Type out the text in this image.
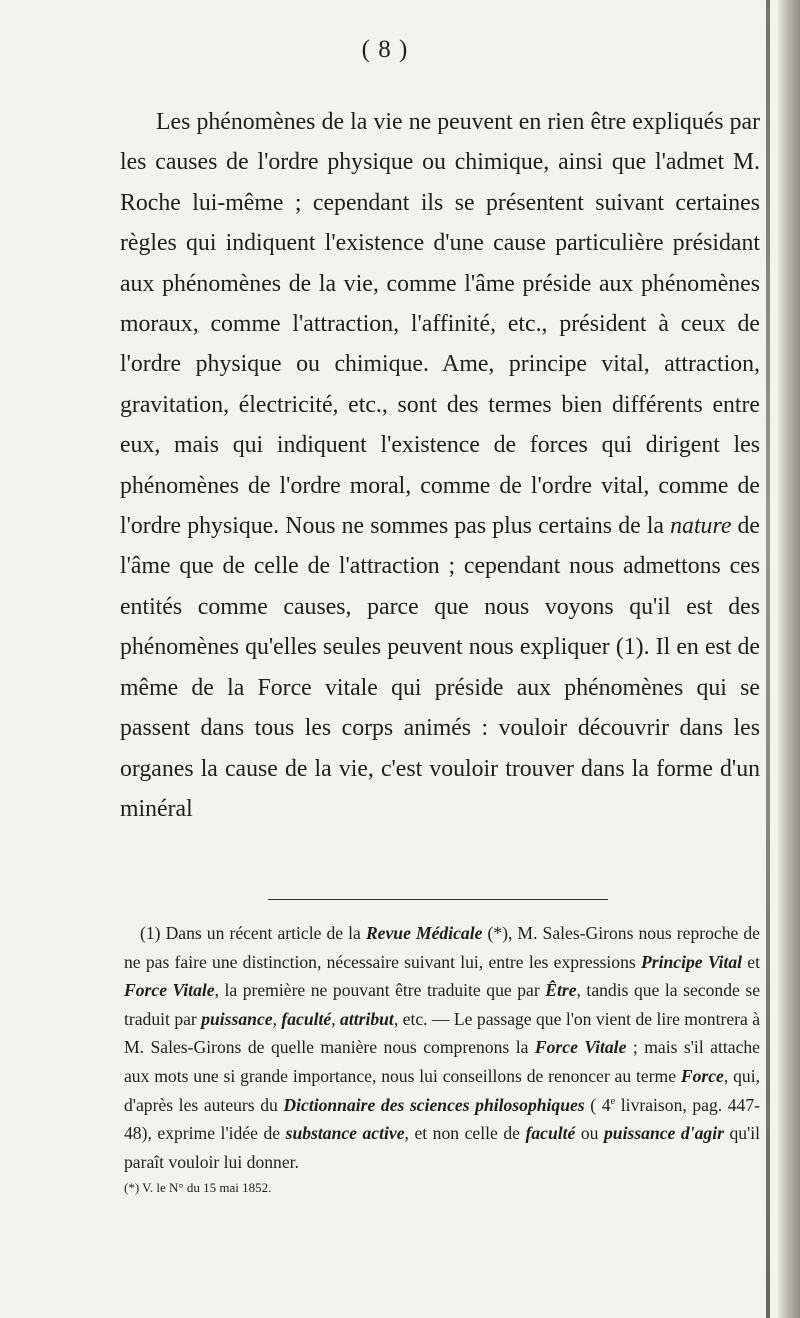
( 8 )

Les phénomènes de la vie ne peuvent en rien être expliqués par les causes de l'ordre physique ou chimique, ainsi que l'admet M. Roche lui-même ; cependant ils se présentent suivant certaines règles qui indiquent l'existence d'une cause particulière présidant aux phénomènes de la vie, comme l'âme préside aux phénomènes moraux, comme l'attraction, l'affinité, etc., président à ceux de l'ordre physique ou chimique. Ame, principe vital, attraction, gravitation, électricité, etc., sont des termes bien différents entre eux, mais qui indiquent l'existence de forces qui dirigent les phénomènes de l'ordre moral, comme de l'ordre vital, comme de l'ordre physique. Nous ne sommes pas plus certains de la nature de l'âme que de celle de l'attraction ; cependant nous admettons ces entités comme causes, parce que nous voyons qu'il est des phénomènes qu'elles seules peuvent nous expliquer (1). Il en est de même de la Force vitale qui préside aux phénomènes qui se passent dans tous les corps animés : vouloir découvrir dans les organes la cause de la vie, c'est vouloir trouver dans la forme d'un minéral

(1) Dans un récent article de la Revue Médicale (*), M. Sales-Girons nous reproche de ne pas faire une distinction, nécessaire suivant lui, entre les expressions Principe Vital et Force Vitale, la première ne pouvant être traduite que par Être, tandis que la seconde se traduit par puissance, faculté, attribut, etc. — Le passage que l'on vient de lire montrera à M. Sales-Girons de quelle manière nous comprenons la Force Vitale ; mais s'il attache aux mots une si grande importance, nous lui conseillons de renoncer au terme Force, qui, d'après les auteurs du Dictionnaire des sciences philosophiques ( 4e livraison, pag. 447-48), exprime l'idée de substance active, et non celle de faculté ou puissance d'agir qu'il paraît vouloir lui donner.

(*) V. le N° du 15 mai 1852.
